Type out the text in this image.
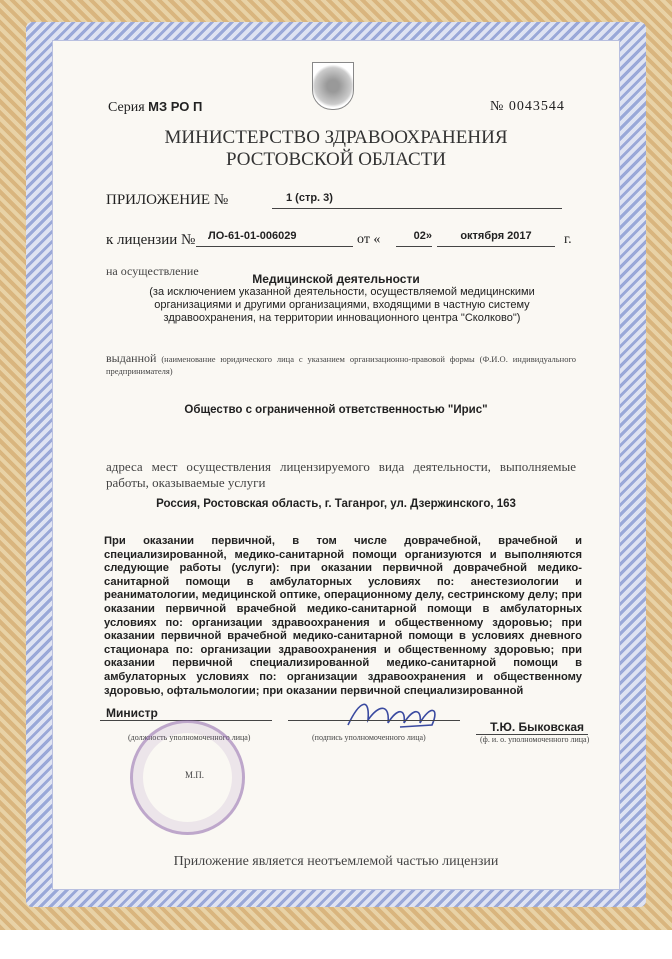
Серия МЗ РО П	№ 0043544
МИНИСТЕРСТВО ЗДРАВООХРАНЕНИЯ
РОСТОВСКОЙ ОБЛАСТИ
ПРИЛОЖЕНИЕ №	1 (стр. 3)
к лицензии №	ЛО-61-01-006029	от «	02»	октября 2017	г.
на осуществление
Медицинской деятельности
(за исключением указанной деятельности, осуществляемой медицинскими организациями и другими организациями, входящими в частную систему здравоохранения, на территории инновационного центра "Сколково")
выданной (наименование юридического лица с указанием организационно-правовой формы (Ф.И.О. индивидуального предпринимателя)
Общество с ограниченной ответственностью "Ирис"
адреса мест осуществления лицензируемого вида деятельности, выполняемые работы, оказываемые услуги
Россия, Ростовская область, г. Таганрог, ул. Дзержинского, 163
При оказании первичной, в том числе доврачебной, врачебной и специализированной, медико-санитарной помощи организуются и выполняются следующие работы (услуги): при оказании первичной доврачебной медико-санитарной помощи в амбулаторных условиях по: анестезиологии и реаниматологии, медицинской оптике, операционному делу, сестринскому делу; при оказании первичной врачебной медико-санитарной помощи в амбулаторных условиях по: организации здравоохранения и общественному здоровью; при оказании первичной врачебной медико-санитарной помощи в условиях дневного стационара по: организации здравоохранения и общественному здоровью; при оказании первичной специализированной медико-санитарной помощи в амбулаторных условиях по: организации здравоохранения и общественному здоровью, офтальмологии; при оказании первичной специализированной
Министр
(должность уполномоченного лица)	(подпись уполномоченного лица)
Т.Ю. Быковская
(ф. и. о. уполномоченного лица)
М.П.
Приложение является неотъемлемой частью лицензии
